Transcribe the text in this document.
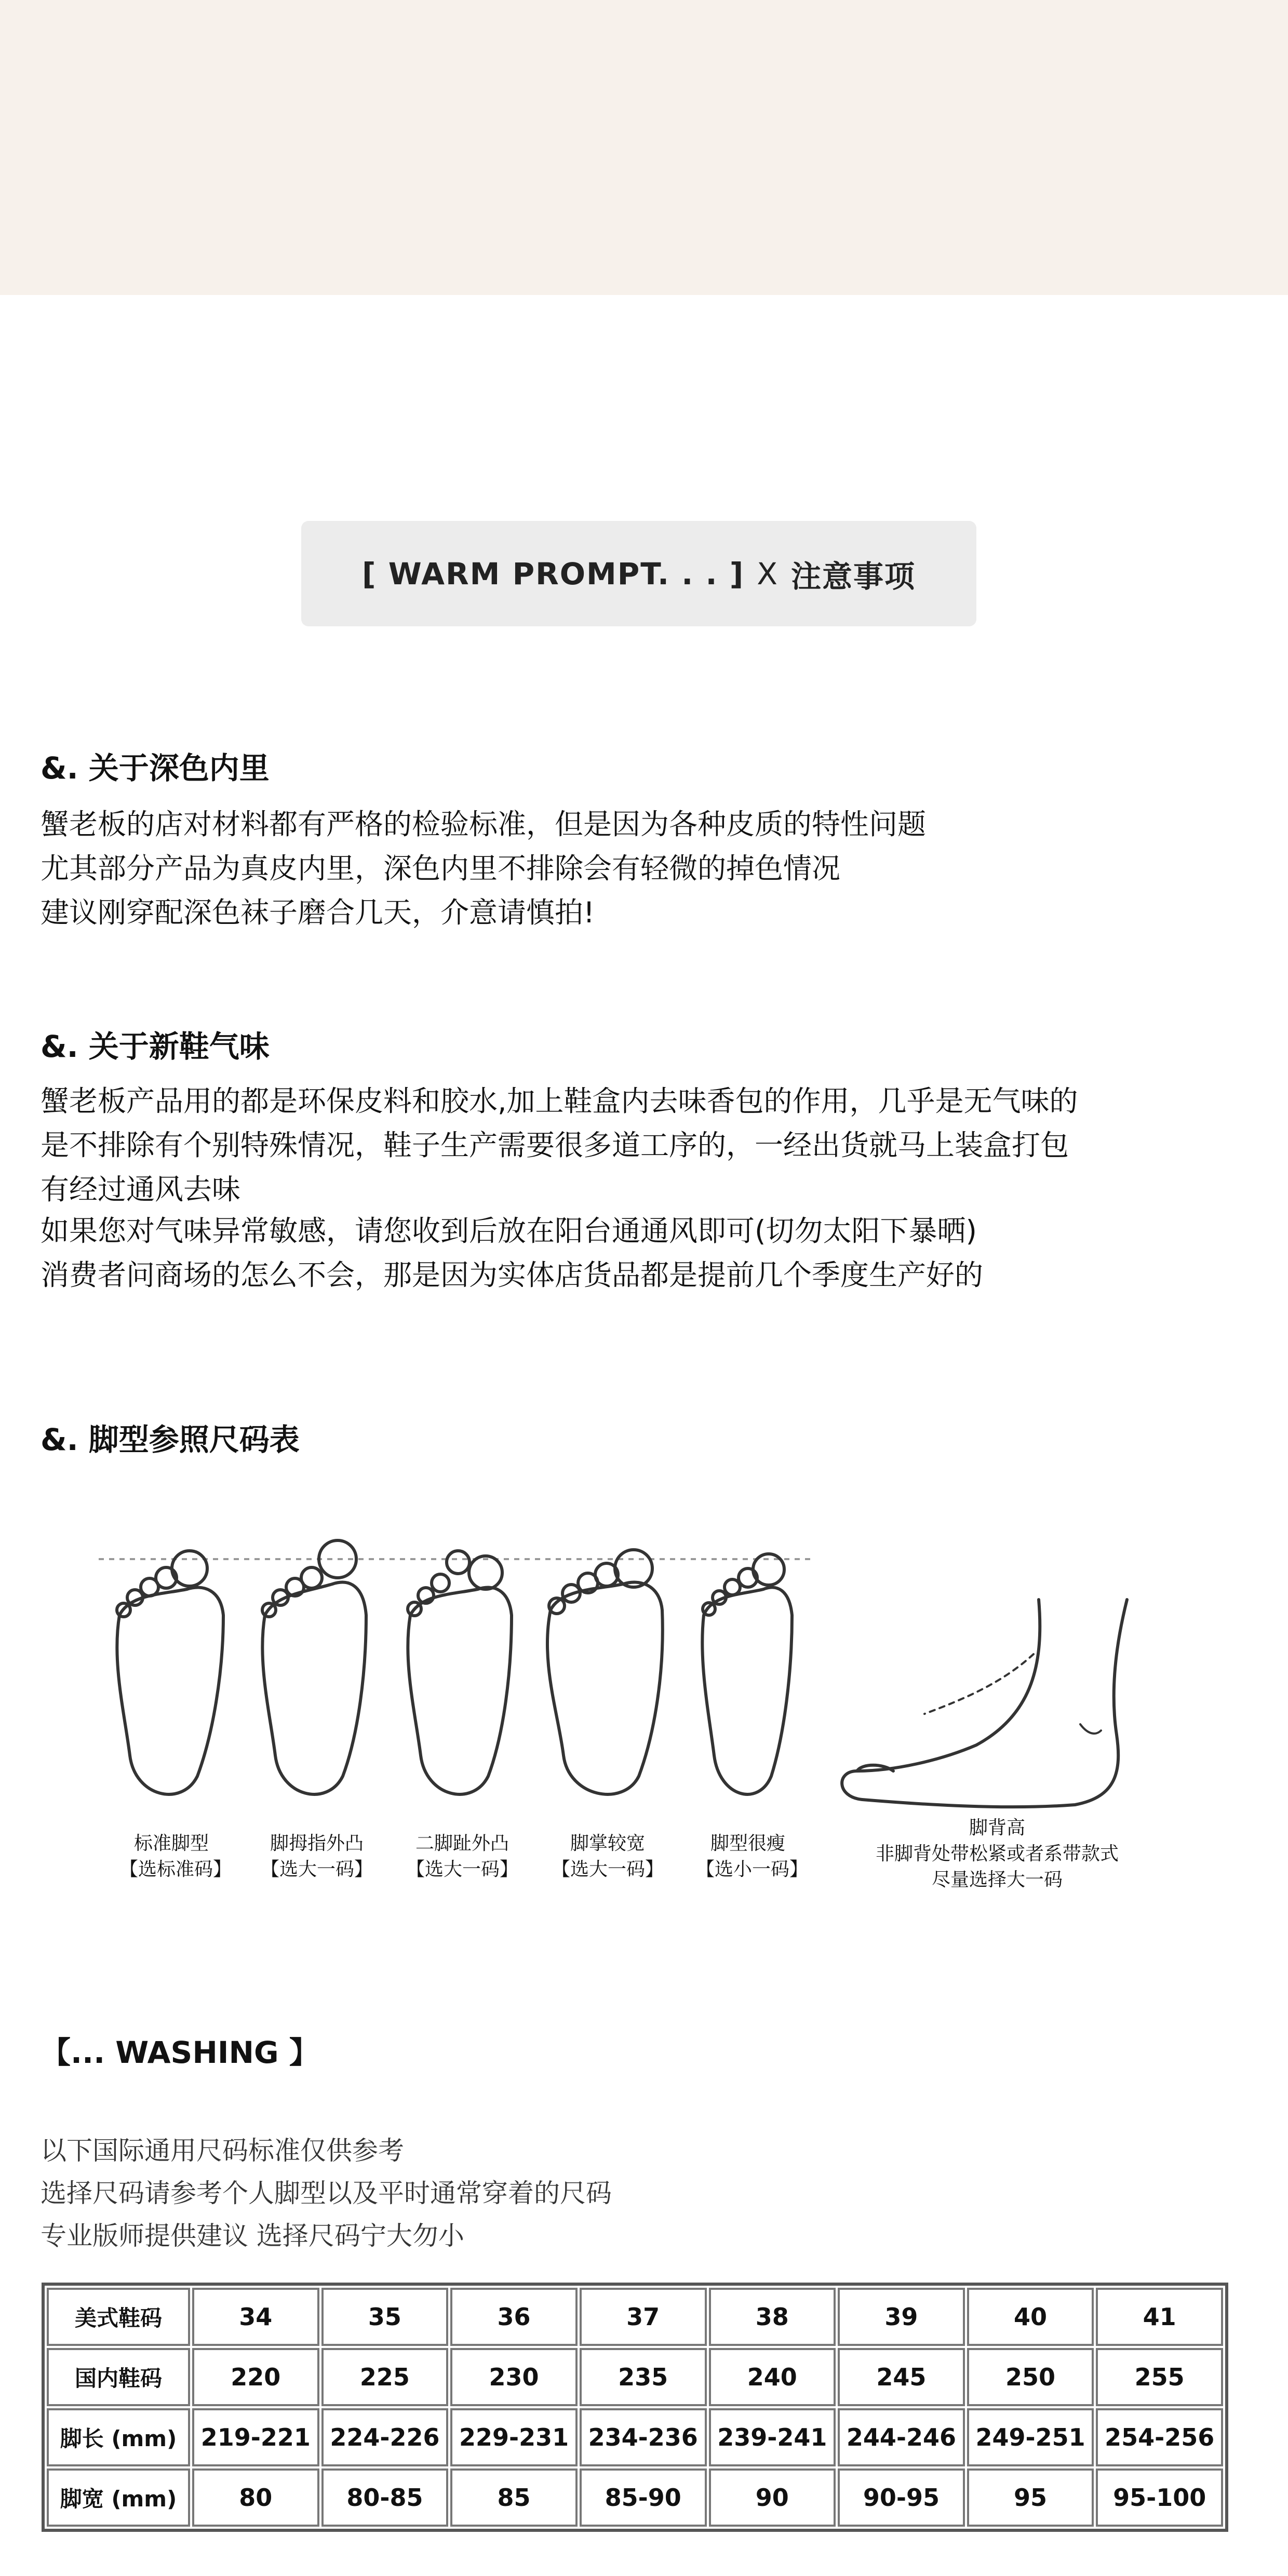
[
WARM PROMPT. . . ] X 注意事项
&. 关于深色内里
蟹老板的店对材料都有严格的检验标准，但是因为各种皮质的特性问题
尤其部分产品为真皮内里，深色内里不排除会有轻微的掉色情况
建议刚穿配深色袜子磨合几天，介意请慎拍!
&. 关于新鞋气味
蟹老板产品用的都是环保皮料和胶水,加上鞋盒内去味香包的作用，几乎是无气味的
是不排除有个别特殊情况，鞋子生产需要很多道工序的，一经出货就马上装盒打包
有经过通风去味
如果您对气味异常敏感，请您收到后放在阳台通通风即可(切勿太阳下暴晒)
消费者问商场的怎么不会，那是因为实体店货品都是提前几个季度生产好的
&. 脚型参照尺码表
标准脚型
【选标准码】
脚拇指外凸
【选大一码】
二脚趾外凸
【选大一码】
脚掌较宽
【选大一码】
脚型很瘦
【选小一码】
脚背高
非脚背处带松紧或者系带款式
尽量选择大一码
【... WASHING 】
以下国际通用尺码标准仅供参考
选择尺码请参考个人脚型以及平时通常穿着的尺码
专业版师提供建议 选择尺码宁大勿小
美式鞋码	34	35	36	37	38	39	40	41
国内鞋码	220	225	230	235	240	245	250	255
脚长 (mm)	219-221	224-226	229-231	234-236	239-241	244-246	249-251	254-256
脚宽 (mm)	80	80-85	85	85-90	90	90-95	95	95-100
